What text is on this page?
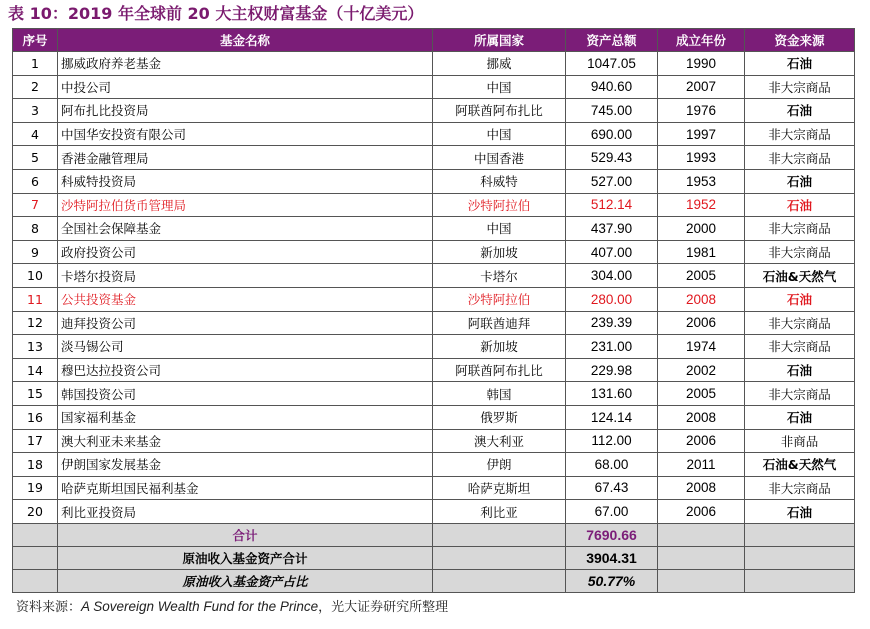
表 10：2019 年全球前 20 大主权财富基金（十亿美元）
序号	基金名称	所属国家	资产总额	成立年份	资金来源
1	挪威政府养老基金	挪威	1047.05	1990	石油
2	中投公司	中国	940.60	2007	非大宗商品
3	阿布扎比投资局	阿联酋阿布扎比	745.00	1976	石油
4	中国华安投资有限公司	中国	690.00	1997	非大宗商品
5	香港金融管理局	中国香港	529.43	1993	非大宗商品
6	科威特投资局	科威特	527.00	1953	石油
7	沙特阿拉伯货币管理局	沙特阿拉伯	512.14	1952	石油
8	全国社会保障基金	中国	437.90	2000	非大宗商品
9	政府投资公司	新加坡	407.00	1981	非大宗商品
10	卡塔尔投资局	卡塔尔	304.00	2005	石油&天然气
11	公共投资基金	沙特阿拉伯	280.00	2008	石油
12	迪拜投资公司	阿联酋迪拜	239.39	2006	非大宗商品
13	淡马锡公司	新加坡	231.00	1974	非大宗商品
14	穆巴达拉投资公司	阿联酋阿布扎比	229.98	2002	石油
15	韩国投资公司	韩国	131.60	2005	非大宗商品
16	国家福利基金	俄罗斯	124.14	2008	石油
17	澳大利亚未来基金	澳大利亚	112.00	2006	非商品
18	伊朗国家发展基金	伊朗	68.00	2011	石油&天然气
19	哈萨克斯坦国民福利基金	哈萨克斯坦	67.43	2008	非大宗商品
20	利比亚投资局	利比亚	67.00	2006	石油
	合计		7690.66		
	原油收入基金资产合计		3904.31		
	原油收入基金资产占比		50.77%		
资料来源：A Sovereign Wealth Fund for the Prince，光大证券研究所整理
